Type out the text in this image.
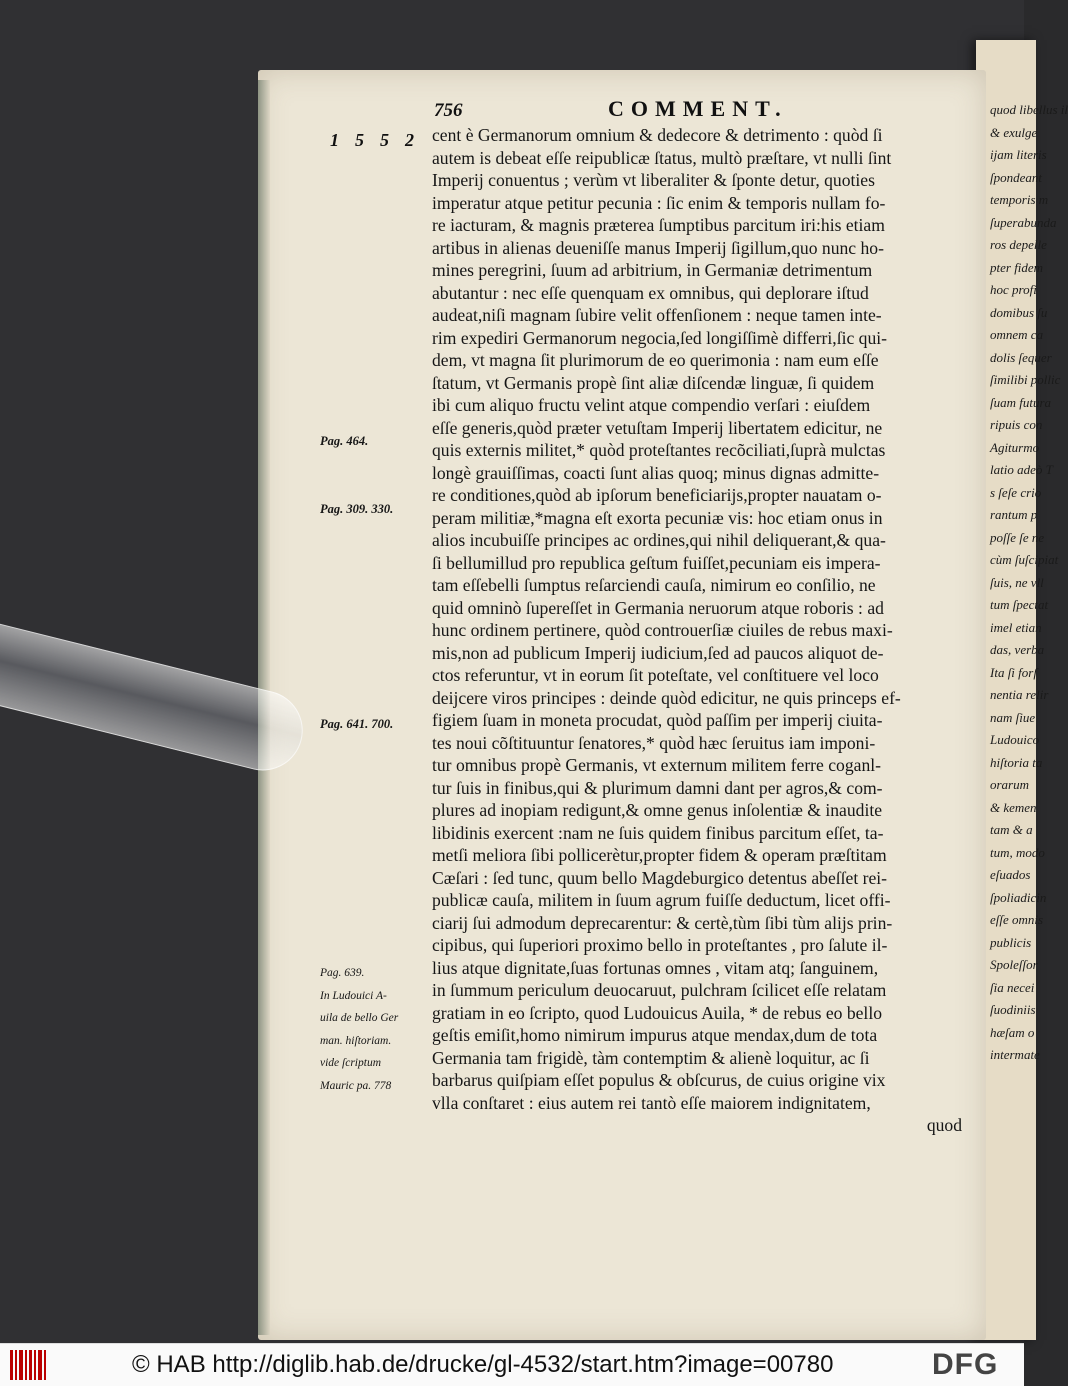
quod libellus il
& exulge
ijam literis
ſpondeant
temporis m
ſuperabunda
ros depelle
pter fidem
hoc profi
domibus ſu
omnem ca
dolis ſequer
ſimilibi pollic
ſuam futura
ripuis con
Agiturmo
latio adeò T
s ſeſe crio
rantum p
poſſe ſe ne
cùm ſuſcipiat
ſuis, ne vll
tum ſpectat
imel etian
das, verba
Ita ſi forſ
nentia relir
nam ſiue
Ludouico
hiſtoria ta
orarum
& kemen
tam & a
tum, modo
eſuados
ſpoliadicin
eſſe omnis
publicis
Spoleſſor
ſia necei
ſuodiniis
hæſam o
intermate
756	COMMENT.
1552 cent è Germanorum omnium & dedecore & detrimento : quòd ſi
autem is debeat eſſe reipublicæ ſtatus, multò præſtare, vt nulli ſint
Imperij conuentus ; verùm vt liberaliter & ſponte detur, quoties
imperatur atque petitur pecunia : ſic enim & temporis nullam fo-
re iacturam, & magnis præterea ſumptibus parcitum iri:his etiam
artibus in alienas deueniſſe manus Imperij ſigillum,quo nunc ho-
mines peregrini, ſuum ad arbitrium, in Germaniæ detrimentum
abutantur : nec eſſe quenquam ex omnibus, qui deplorare iſtud
audeat,niſi magnam ſubire velit offenſionem : neque tamen inte-
rim expediri Germanorum negocia,ſed longiſſimè differri,ſic qui-
dem, vt magna ſit plurimorum de eo querimonia : nam eum eſſe
ſtatum, vt Germanis propè ſint aliæ diſcendæ linguæ, ſi quidem
ibi cum aliquo fructu velint atque compendio verſari : eiuſdem
eſſe generis,quòd præter vetuſtam Imperij libertatem edicitur, ne
quis externis militet,* quòd proteſtantes recõciliati,ſuprà mulctas
longè grauiſſimas, coacti ſunt alias quoq; minus dignas admitte-
re conditiones,quòd ab ipſorum beneficiarijs,propter nauatam o-
peram militiæ,*magna eſt exorta pecuniæ vis: hoc etiam onus in
alios incubuiſſe principes ac ordines,qui nihil deliquerant,& qua-
ſi bellumillud pro republica geſtum fuiſſet,pecuniam eis impera-
tam eſſebelli ſumptus reſarciendi cauſa, nimirum eo conſilio, ne
quid omninò ſupereſſet in Germania neruorum atque roboris : ad
hunc ordinem pertinere, quòd controuerſiæ ciuiles de rebus maxi-
mis,non ad publicum Imperij iudicium,ſed ad paucos aliquot de-
ctos referuntur, vt in eorum ſit poteſtate, vel conſtituere vel loco
deijcere viros principes : deinde quòd edicitur, ne quis princeps ef-
figiem ſuam in moneta procudat, quòd paſſim per imperij ciuita-
tes noui cõſtituuntur ſenatores,* quòd hæc ſeruitus iam imponi-
tur omnibus propè Germanis, vt externum militem ferre coganl-
tur ſuis in finibus,qui & plurimum damni dant per agros,& com-
plures ad inopiam redigunt,& omne genus inſolentiæ & inaudite
libidinis exercent :nam ne ſuis quidem finibus parcitum eſſet, ta-
metſi meliora ſibi pollicerètur,propter fidem & operam præſtitam
Cæſari : ſed tunc, quum bello Magdeburgico detentus abeſſet rei-
publicæ cauſa, militem in ſuum agrum fuiſſe deductum, licet offi-
ciarij ſui admodum deprecarentur: & certè,tùm ſibi tùm alijs prin-
cipibus, qui ſuperiori proximo bello in proteſtantes , pro ſalute il-
lius atque dignitate,ſuas fortunas omnes , vitam atq; ſanguinem,
in ſummum periculum deuocaruut, pulchram ſcilicet eſſe relatam
gratiam in eo ſcripto, quod Ludouicus Auila, * de rebus eo bello
geſtis emiſit,homo nimirum impurus atque mendax,dum de tota
Germania tam frigidè, tàm contemptim & alienè loquitur, ac ſi
barbarus quiſpiam eſſet populus & obſcurus, de cuius origine vix
vlla conſtaret : eius autem rei tantò eſſe maiorem indignitatem,
quod
Pag. 464.
Pag. 309. 330.
Pag. 641. 700.
Pag. 639.
In Ludouici A-
uila de bello Ger
man. hiſtoriam.
vide ſcriptum
Mauric pa. 778
© HAB http://diglib.hab.de/drucke/gl-4532/start.htm?image=00780	DFG
